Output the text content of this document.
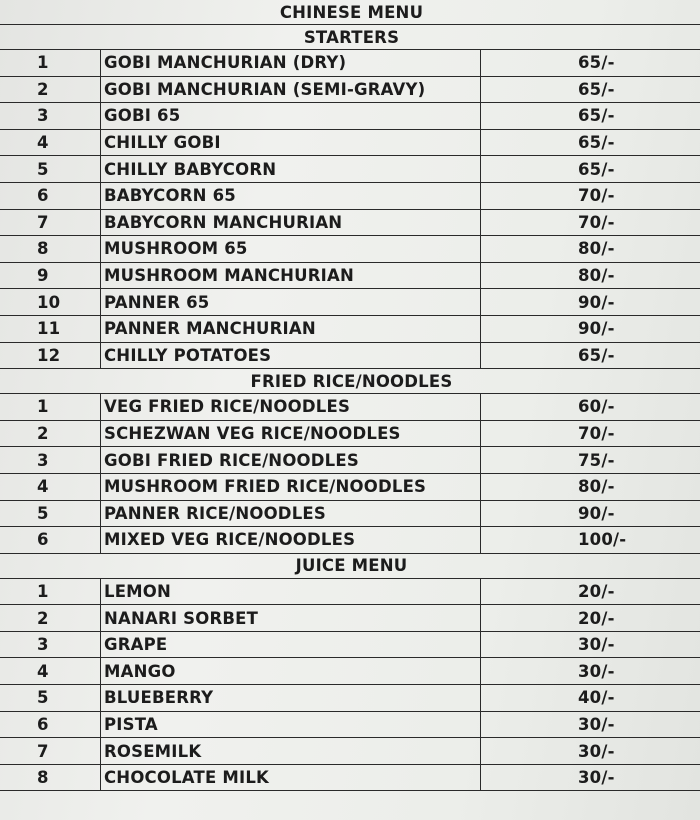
CHINESE MENU		
STARTERS		
1	GOBI MANCHURIAN (DRY)	65/-
2	GOBI MANCHURIAN (SEMI-GRAVY)	65/-
3	GOBI 65	65/-
4	CHILLY GOBI	65/-
5	CHILLY BABYCORN	65/-
6	BABYCORN 65	70/-
7	BABYCORN MANCHURIAN	70/-
8	MUSHROOM 65	80/-
9	MUSHROOM MANCHURIAN	80/-
10	PANNER 65	90/-
11	PANNER MANCHURIAN	90/-
12	CHILLY POTATOES	65/-
FRIED RICE/NOODLES		
1	VEG FRIED RICE/NOODLES	60/-
2	SCHEZWAN VEG RICE/NOODLES	70/-
3	GOBI FRIED RICE/NOODLES	75/-
4	MUSHROOM FRIED RICE/NOODLES	80/-
5	PANNER RICE/NOODLES	90/-
6	MIXED VEG RICE/NOODLES	100/-
JUICE MENU		
1	LEMON	20/-
2	NANARI SORBET	20/-
3	GRAPE	30/-
4	MANGO	30/-
5	BLUEBERRY	40/-
6	PISTA	30/-
7	ROSEMILK	30/-
8	CHOCOLATE MILK	30/-
